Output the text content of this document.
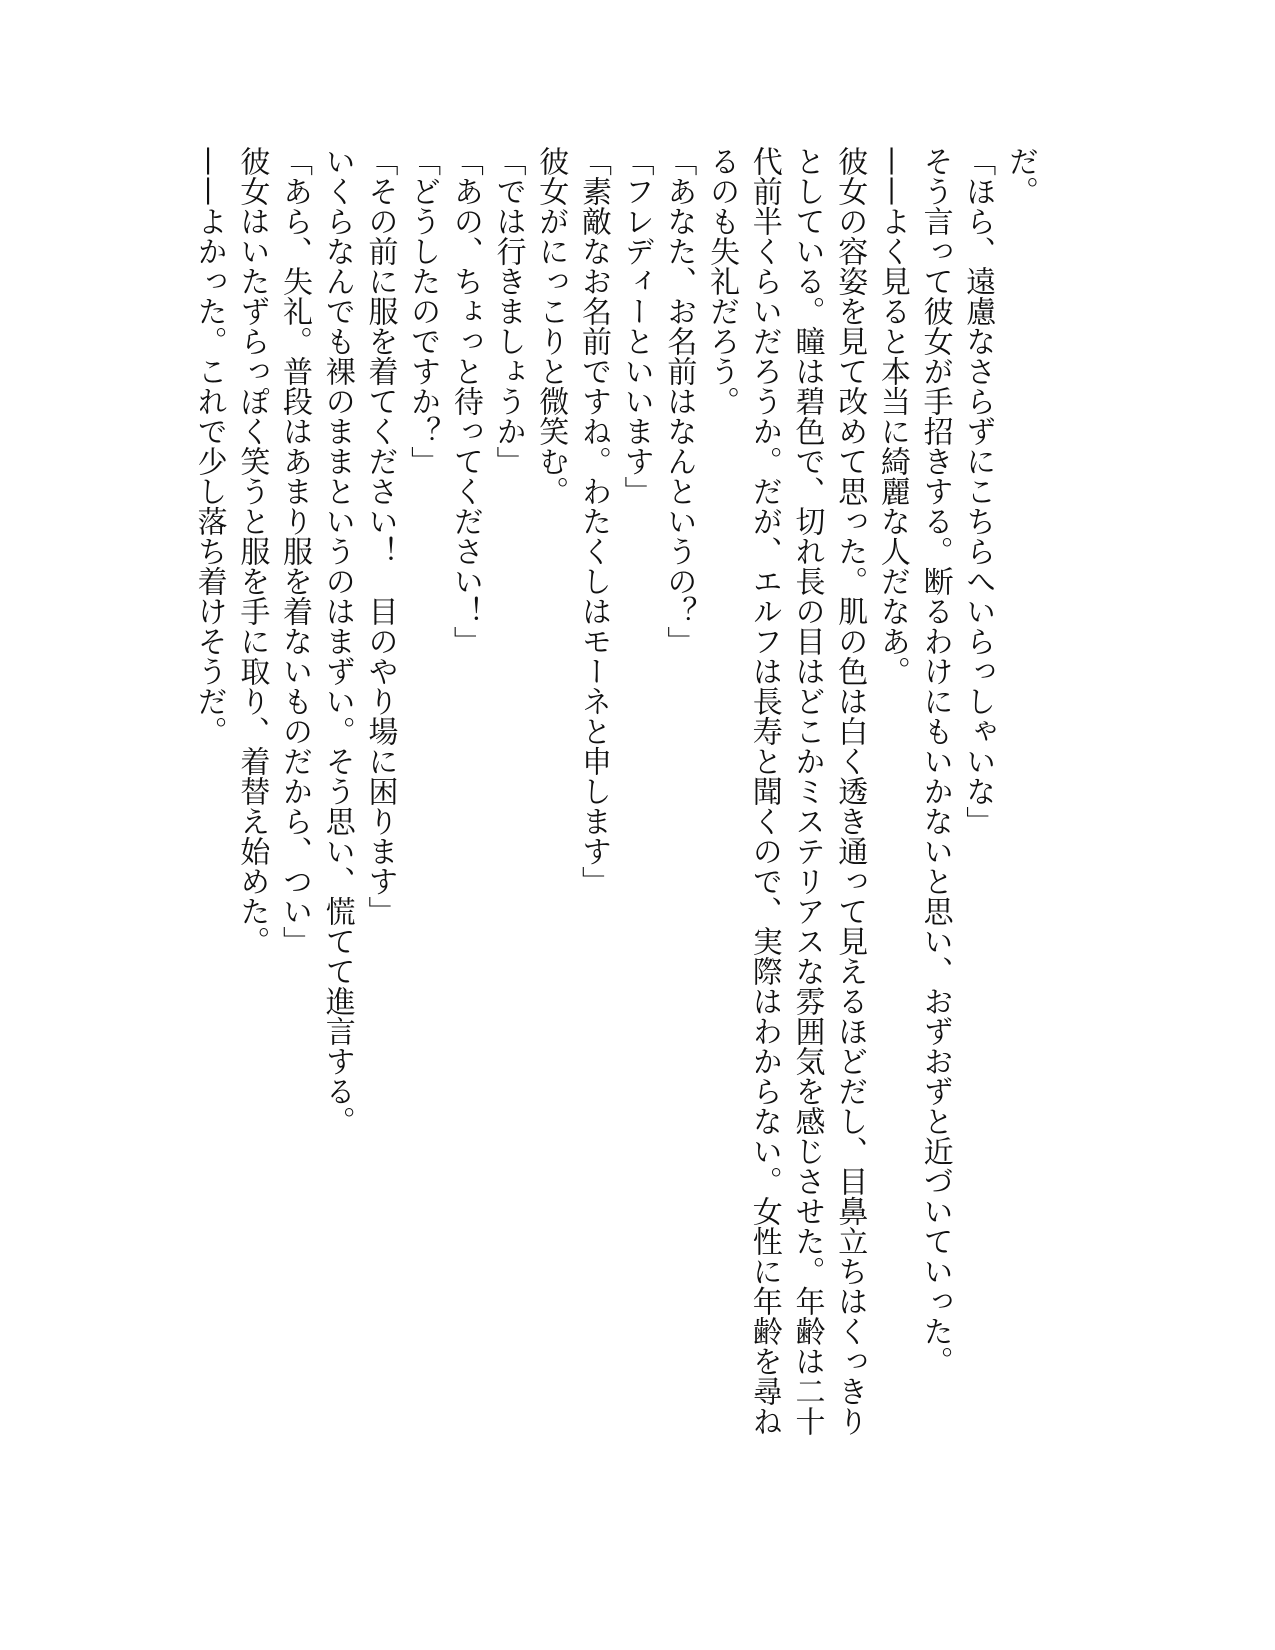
だ。

「ほら、遠慮なさらずにこちらへいらっしゃいな」

そう言って彼女が手招きする。断るわけにもいかないと思い、おずおずと近づいていった。

——よく見ると本当に綺麗な人だなあ。

彼女の容姿を見て改めて思った。肌の色は白く透き通って見えるほどだし、目鼻立ちはくっきり

としている。瞳は碧色で、切れ長の目はどこかミステリアスな雰囲気を感じさせた。年齢は二十

代前半くらいだろうか。だが、エルフは長寿と聞くので、実際はわからない。女性に年齢を尋ね

るのも失礼だろう。

「あなた、お名前はなんというの？」

「フレディーといいます」

「素敵なお名前ですね。わたくしはモーネと申します」

彼女がにっこりと微笑む。

「では行きましょうか」

「あの、ちょっと待ってください！」

「どうしたのですか？」

「その前に服を着てください！　目のやり場に困ります」

いくらなんでも裸のままというのはまずい。そう思い、慌てて進言する。

「あら、失礼。普段はあまり服を着ないものだから、つい」

彼女はいたずらっぽく笑うと服を手に取り、着替え始めた。

——よかった。これで少し落ち着けそうだ。
